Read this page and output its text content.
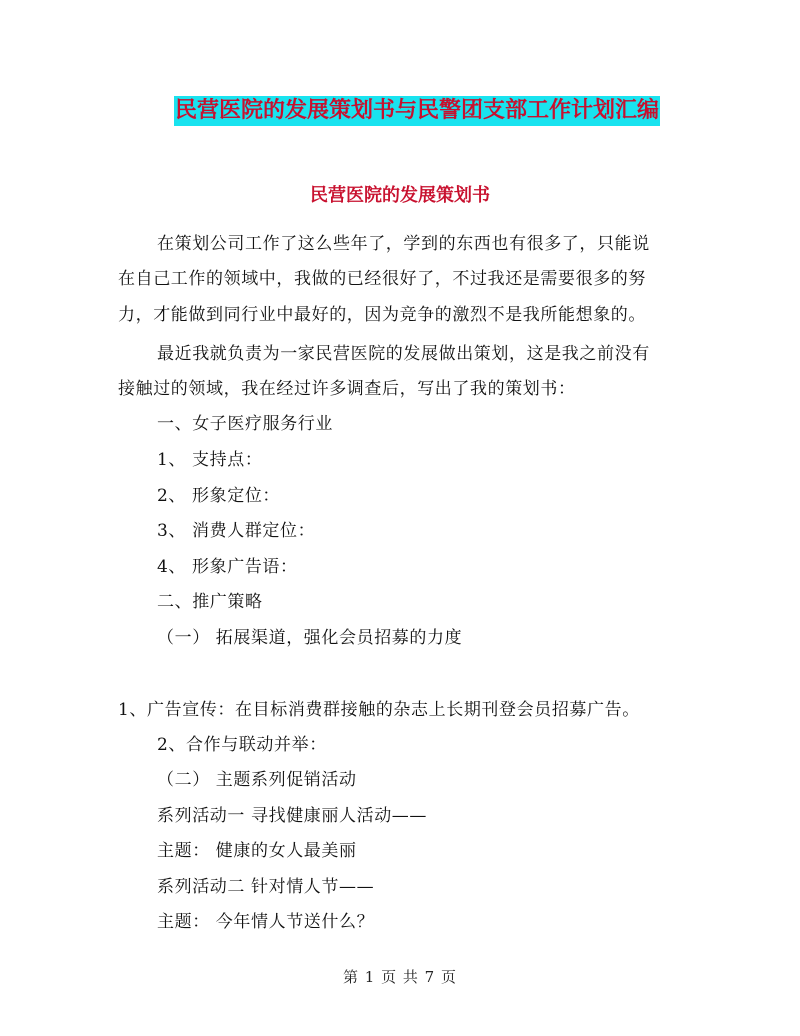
民营医院的发展策划书与民警团支部工作计划汇编
民营医院的发展策划书
在策划公司工作了这么些年了，学到的东西也有很多了，只能说
在自己工作的领域中，我做的已经很好了，不过我还是需要很多的努
力，才能做到同行业中最好的，因为竞争的激烈不是我所能想象的。
最近我就负责为一家民营医院的发展做出策划，这是我之前没有
接触过的领域，我在经过许多调查后，写出了我的策划书：
一、女子医疗服务行业
1、 支持点：
2、 形象定位：
3、 消费人群定位：
4、 形象广告语：
二、推广策略
（一） 拓展渠道，强化会员招募的力度
1、广告宣传：在目标消费群接触的杂志上长期刊登会员招募广告。
2、合作与联动并举：
（二） 主题系列促销活动
系列活动一 寻找健康丽人活动——
主题： 健康的女人最美丽
系列活动二 针对情人节——
主题： 今年情人节送什么？
第 1 页 共 7 页
